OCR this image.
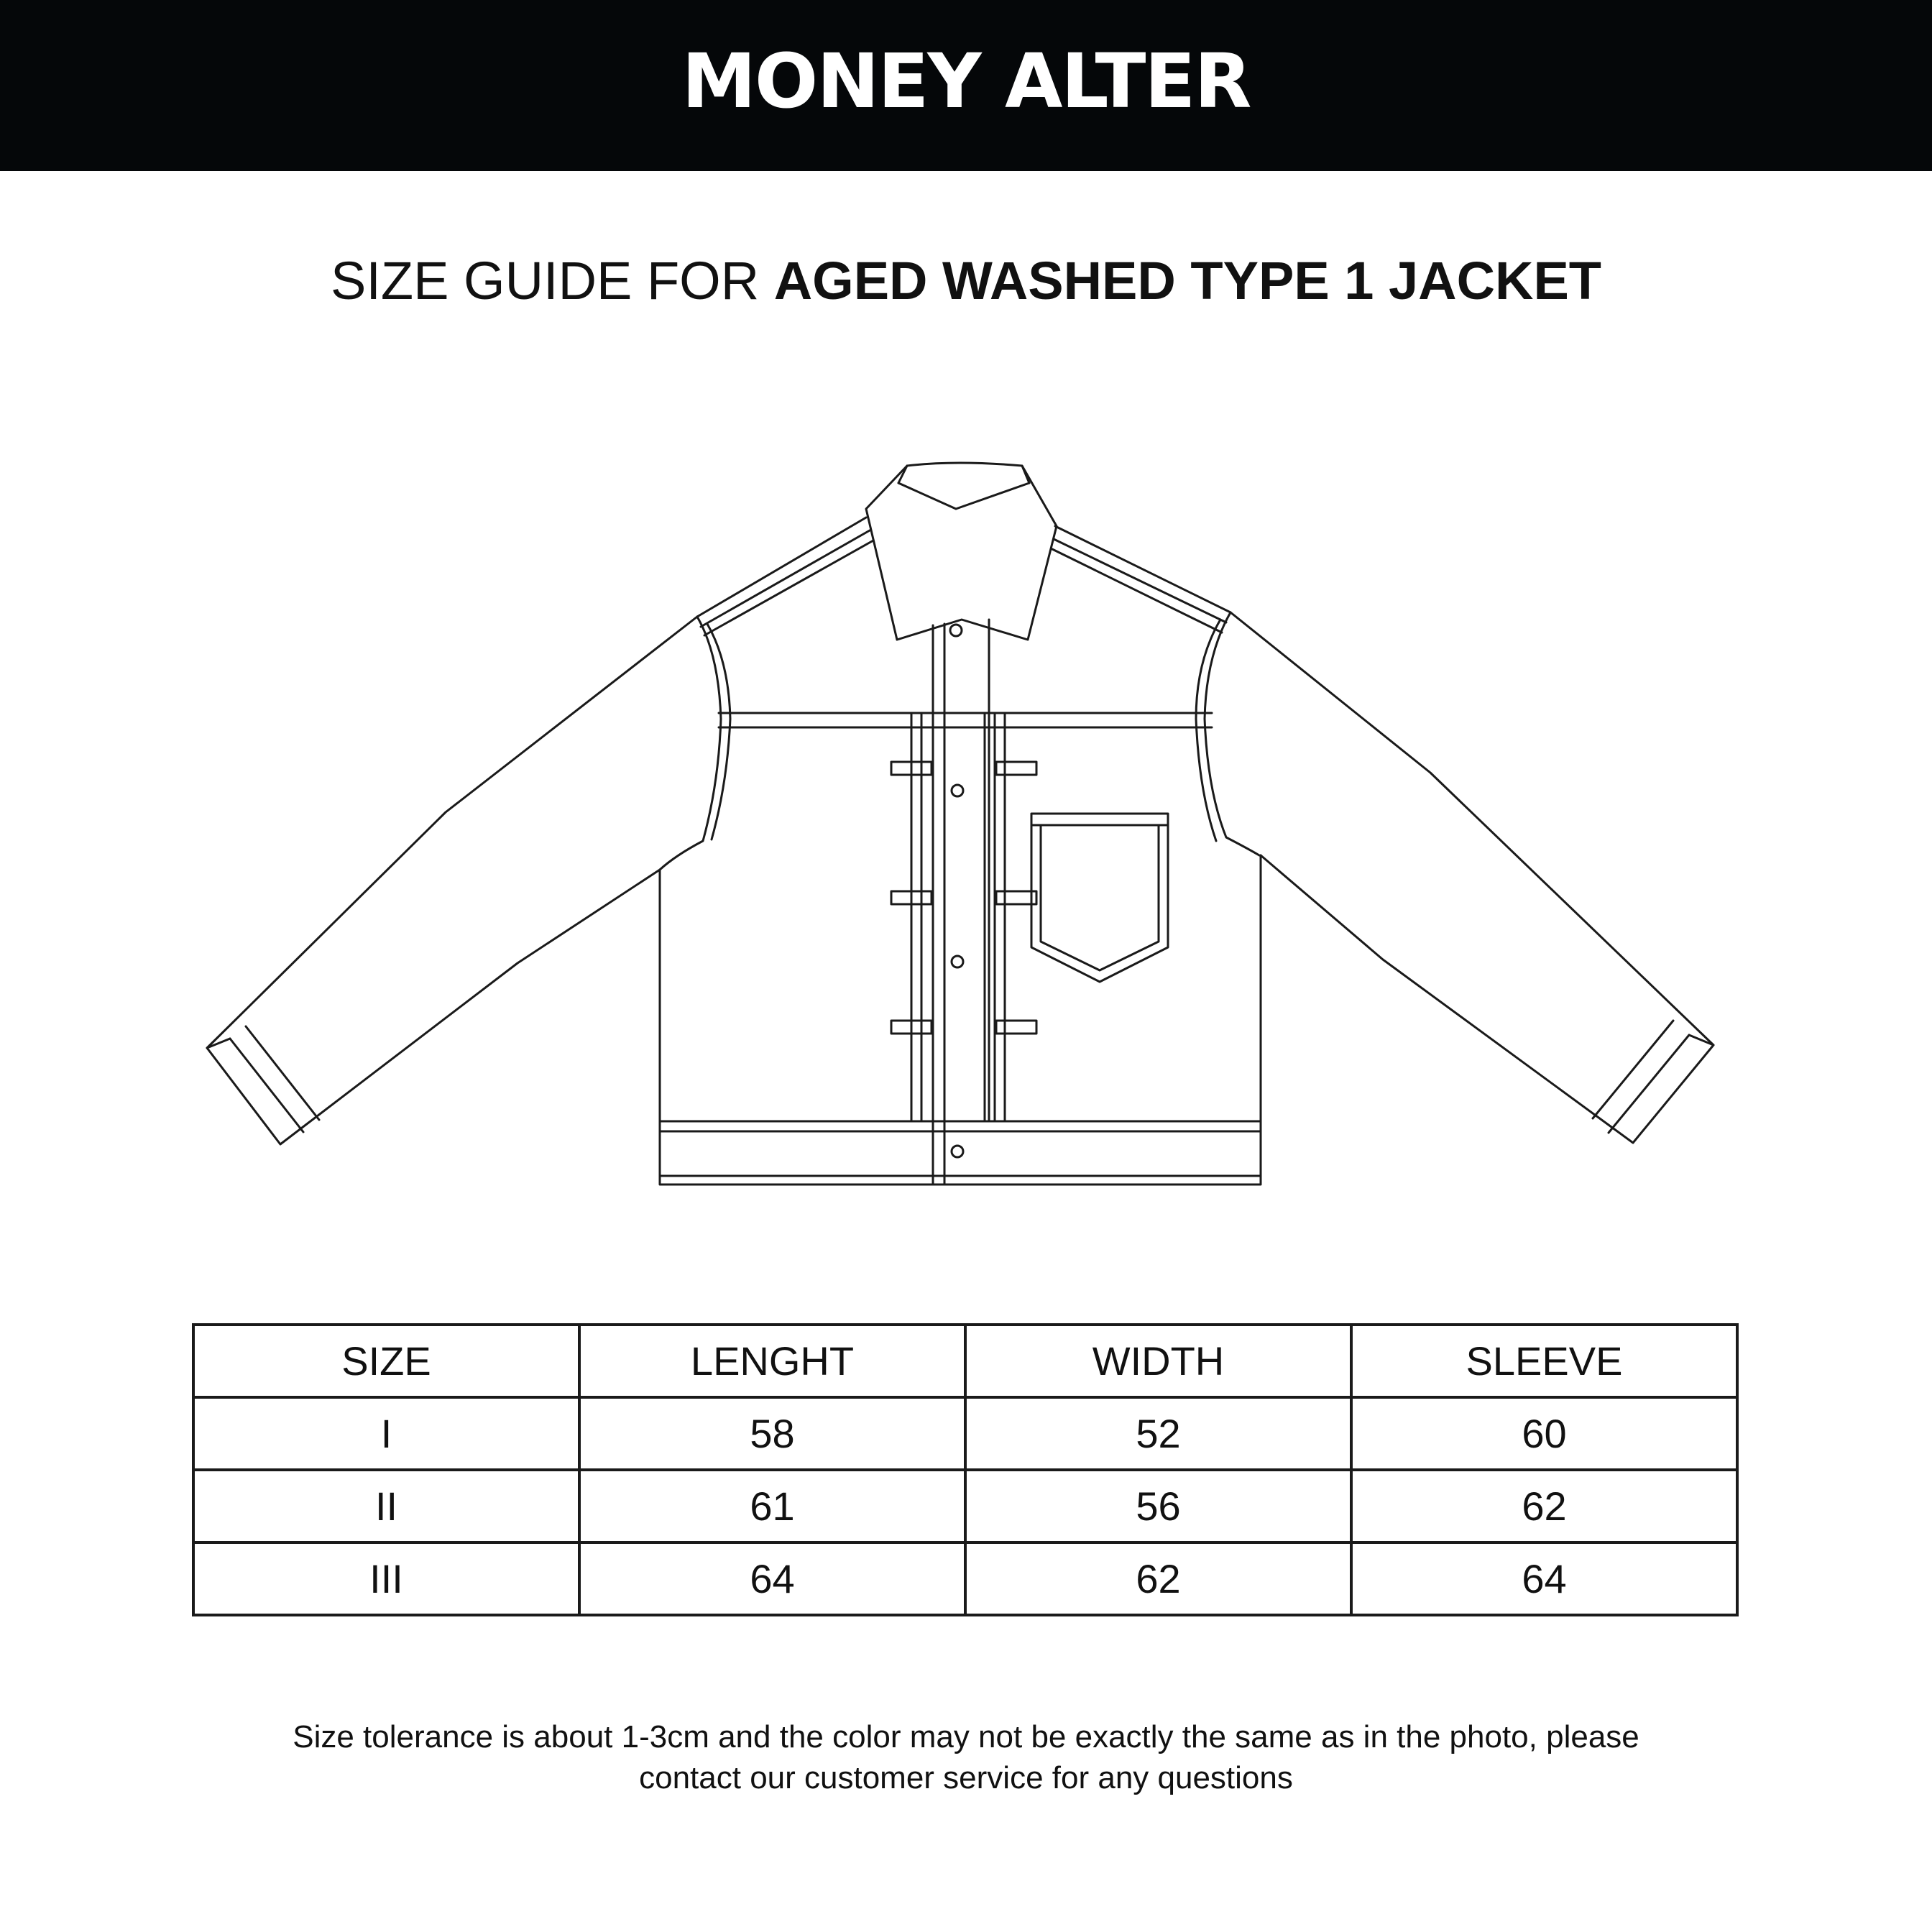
MONEY ALTER
SIZE GUIDE FOR AGED WASHED TYPE 1 JACKET
SIZE	LENGHT	WIDTH	SLEEVE
I	58	52	60
II	61	56	62
III	64	62	64
Size tolerance is about 1-3cm and the color may not be exactly the same as in the photo, please
contact our customer service for any questions
